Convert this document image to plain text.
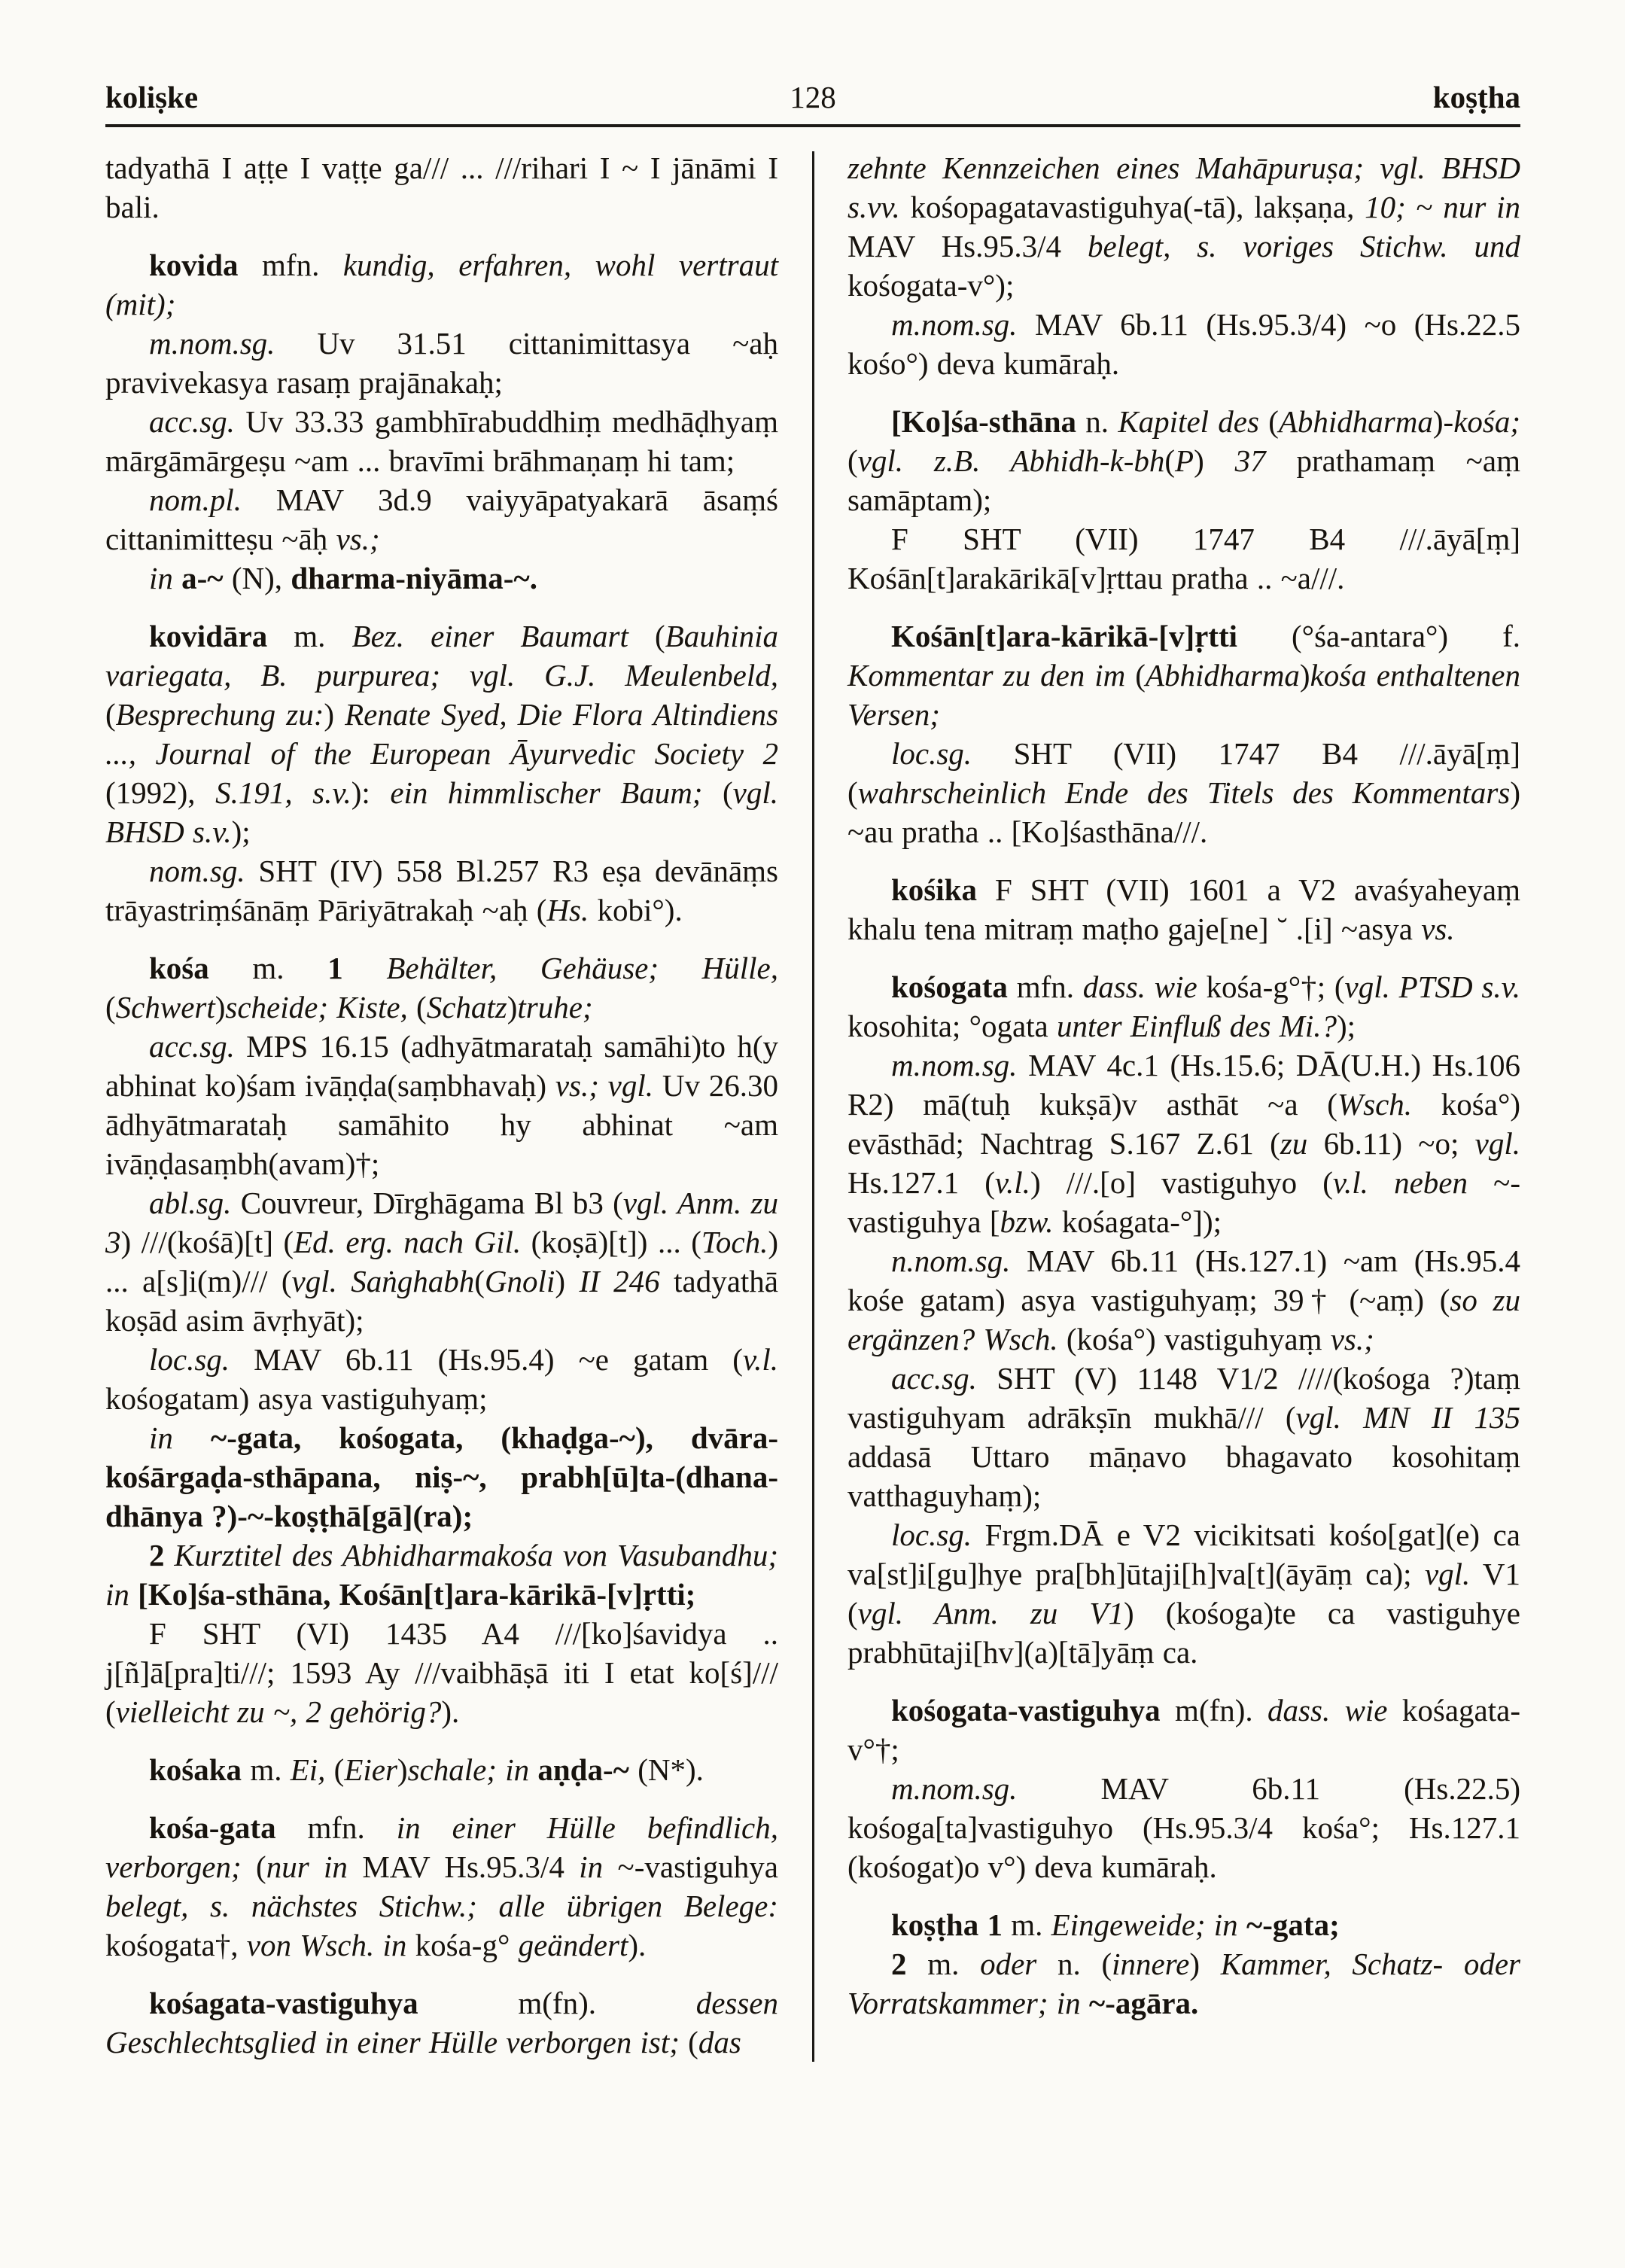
koliṣke	128	koṣṭha

tadyathā I aṭṭe I vaṭṭe ga/// ... ///rihari I ~ I jānāmi I bali.

kovida mfn. kundig, erfahren, wohl vertraut (mit);

m.nom.sg. Uv 31.51 cittanimittasya ~aḥ pravivekasya rasaṃ prajānakaḥ;

acc.sg. Uv 33.33 gambhīrabuddhiṃ medhāḍhyaṃ mārgāmārgeṣu ~am ... bravīmi brāhmaṇaṃ hi tam;

nom.pl. MAV 3d.9 vaiyyāpatyakarā āsaṃś cittanimitteṣu ~āḥ vs.;

in a-~ (N), dharma-niyāma-~.

kovidāra m. Bez. einer Baumart (Bauhinia variegata, B. purpurea; vgl. G.J. Meulenbeld, (Besprechung zu:) Renate Syed, Die Flora Altindiens ..., Journal of the European Āyurvedic Society 2 (1992), S.191, s.v.): ein himmlischer Baum; (vgl. BHSD s.v.);

nom.sg. SHT (IV) 558 Bl.257 R3 eṣa devānāṃs trāyastriṃśānāṃ Pāriyātrakaḥ ~aḥ (Hs. kobi°).

kośa m. 1 Behälter, Gehäuse; Hülle, (Schwert)scheide; Kiste, (Schatz)truhe;

acc.sg. MPS 16.15 (adhyātmarataḥ samāhi)to h(y abhinat ko)śam ivāṇḍa(saṃbhavaḥ) vs.; vgl. Uv 26.30 ādhyātmarataḥ samāhito hy abhinat ~am ivāṇḍasaṃbh(avam)†;

abl.sg. Couvreur, Dīrghāgama Bl b3 (vgl. Anm. zu 3) ///(kośā)[t] (Ed. erg. nach Gil. (koṣā)[t]) ... (Toch.) ... a[s]i(m)/// (vgl. Saṅghabh(Gnoli) II 246 tadyathā koṣād asim āvṛhyāt);

loc.sg. MAV 6b.11 (Hs.95.4) ~e gatam (v.l. kośogatam) asya vastiguhyaṃ;

in ~-gata, kośogata, (khaḍga-~), dvāra-kośārgaḍa-sthāpana, niṣ-~, prabh[ū]ta-(dhana-dhānya ?)-~-koṣṭhā[gā](ra);

2 Kurztitel des Abhidharmakośa von Vasubandhu; in [Ko]śa-sthāna, Kośān[t]ara-kārikā-[v]ṛtti;

F SHT (VI) 1435 A4 ///[ko]śavidya .. j[ñ]ā[pra]ti///; 1593 Ay ///vaibhāṣā iti I etat ko[ś]/// (vielleicht zu ~, 2 gehörig?).

kośaka m. Ei, (Eier)schale; in aṇḍa-~ (N*).

kośa-gata mfn. in einer Hülle befindlich, verborgen; (nur in MAV Hs.95.3/4 in ~-vastiguhya belegt, s. nächstes Stichw.; alle übrigen Belege: kośogata†, von Wsch. in kośa-g° geändert).

kośagata-vastiguhya m(fn). dessen Geschlechtsglied in einer Hülle verborgen ist; (das

zehnte Kennzeichen eines Mahāpuruṣa; vgl. BHSD s.vv. kośopagatavastiguhya(-tā), lakṣaṇa, 10; ~ nur in MAV Hs.95.3/4 belegt, s. voriges Stichw. und kośogata-v°);

m.nom.sg. MAV 6b.11 (Hs.95.3/4) ~o (Hs.22.5 kośo°) deva kumāraḥ.

[Ko]śa-sthāna n. Kapitel des (Abhidharma)-kośa; (vgl. z.B. Abhidh-k-bh(P) 37 prathamaṃ ~aṃ samāptam);

F SHT (VII) 1747 B4 ///.āyā[ṃ] Kośān[t]arakārikā[v]ṛttau pratha .. ~a///.

Kośān[t]ara-kārikā-[v]ṛtti (°śa-antara°) f. Kommentar zu den im (Abhidharma)kośa enthaltenen Versen;

loc.sg. SHT (VII) 1747 B4 ///.āyā[ṃ] (wahrscheinlich Ende des Titels des Kommentars) ~au pratha .. [Ko]śasthāna///.

kośika F SHT (VII) 1601 a V2 avaśyaheyaṃ khalu tena mitraṃ maṭho gaje[ne] ˘ .[i] ~asya vs.

kośogata mfn. dass. wie kośa-g°†; (vgl. PTSD s.v. kosohita; °ogata unter Einfluß des Mi.?);

m.nom.sg. MAV 4c.1 (Hs.15.6; DĀ(U.H.) Hs.106 R2) mā(tuḥ kukṣā)v asthāt ~a (Wsch. kośa°) evāsthād; Nachtrag S.167 Z.61 (zu 6b.11) ~o; vgl. Hs.127.1 (v.l.) ///.[o] vastiguhyo (v.l. neben ~-vastiguhya [bzw. kośagata-°]);

n.nom.sg. MAV 6b.11 (Hs.127.1) ~am (Hs.95.4 kośe gatam) asya vastiguhyaṃ; 39† (~aṃ) (so zu ergänzen? Wsch. (kośa°) vastiguhyaṃ vs.;

acc.sg. SHT (V) 1148 V1/2 ////(kośoga ?)taṃ vastiguhyam adrākṣīn mukhā/// (vgl. MN II 135 addasā Uttaro māṇavo bhagavato kosohitaṃ vatthaguyhaṃ);

loc.sg. Frgm.DĀ e V2 vicikitsati kośo[gat](e) ca va[st]i[gu]hye pra[bh]ūtaji[h]va[t](āyāṃ ca); vgl. V1 (vgl. Anm. zu V1) (kośoga)te ca vastiguhye prabhūtaji[hv](a)[tā]yāṃ ca.

kośogata-vastiguhya m(fn). dass. wie kośagata-v°†;

m.nom.sg. MAV 6b.11 (Hs.22.5) kośoga[ta]vastiguhyo (Hs.95.3/4 kośa°; Hs.127.1 (kośogat)o v°) deva kumāraḥ.

koṣṭha 1 m. Eingeweide; in ~-gata;

2 m. oder n. (innere) Kammer, Schatz- oder Vorratskammer; in ~-agāra.
